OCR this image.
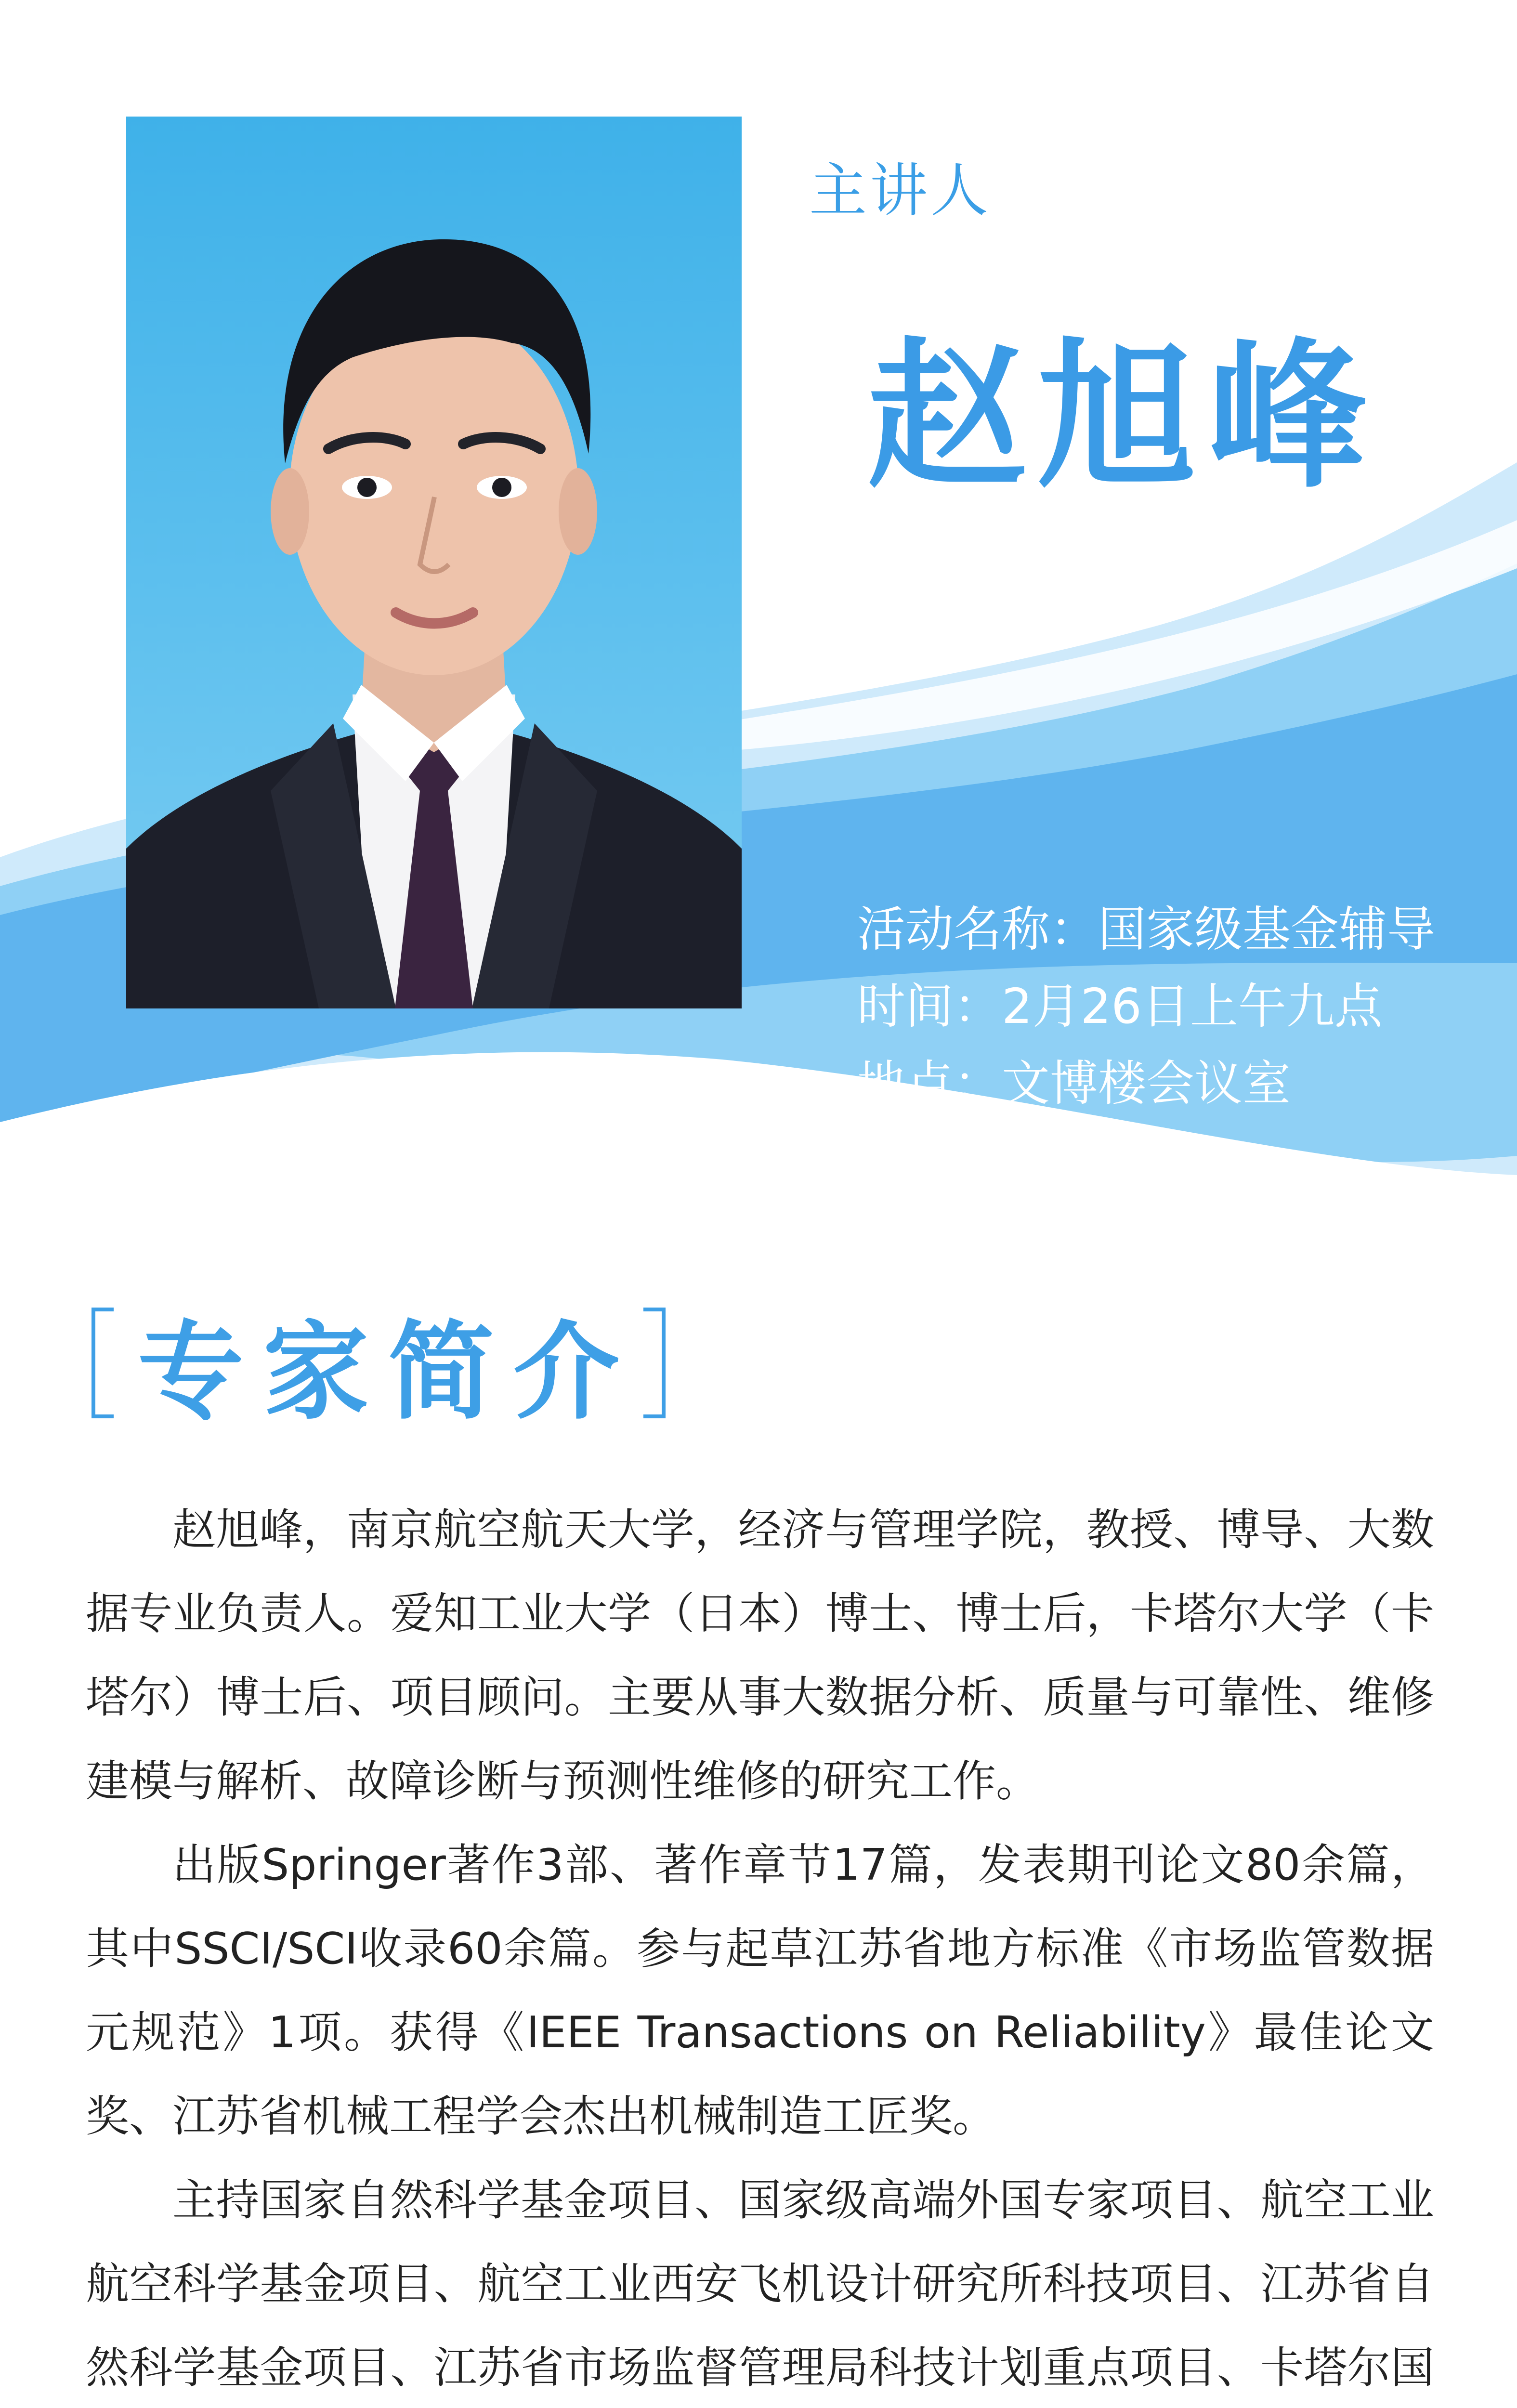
主讲人
赵旭峰
活动名称：国家级基金辅导
时间：2月26日上午九点
地点：文博楼会议室
专家简介

赵旭峰，南京航空航天大学，经济与管理学院，教授、博导、大数据专业负责人。爱知工业大学（日本）博士、博士后，卡塔尔大学（卡塔尔）博士后、项目顾问。主要从事大数据分析、质量与可靠性、维修建模与解析、故障诊断与预测性维修的研究工作。

出版Springer著作3部、著作章节17篇，发表期刊论文80余篇，其中SSCI/SCI收录60余篇。参与起草江苏省地方标准《市场监管数据元规范》1项。获得《IEEE Transactions on Reliability》最佳论文奖、江苏省机械工程学会杰出机械制造工匠奖。

主持国家自然科学基金项目、国家级高端外国专家项目、航空工业航空科学基金项目、航空工业西安飞机设计研究所科技项目、江苏省自然科学基金项目、江苏省市场监督管理局科技计划重点项目、卡塔尔国
